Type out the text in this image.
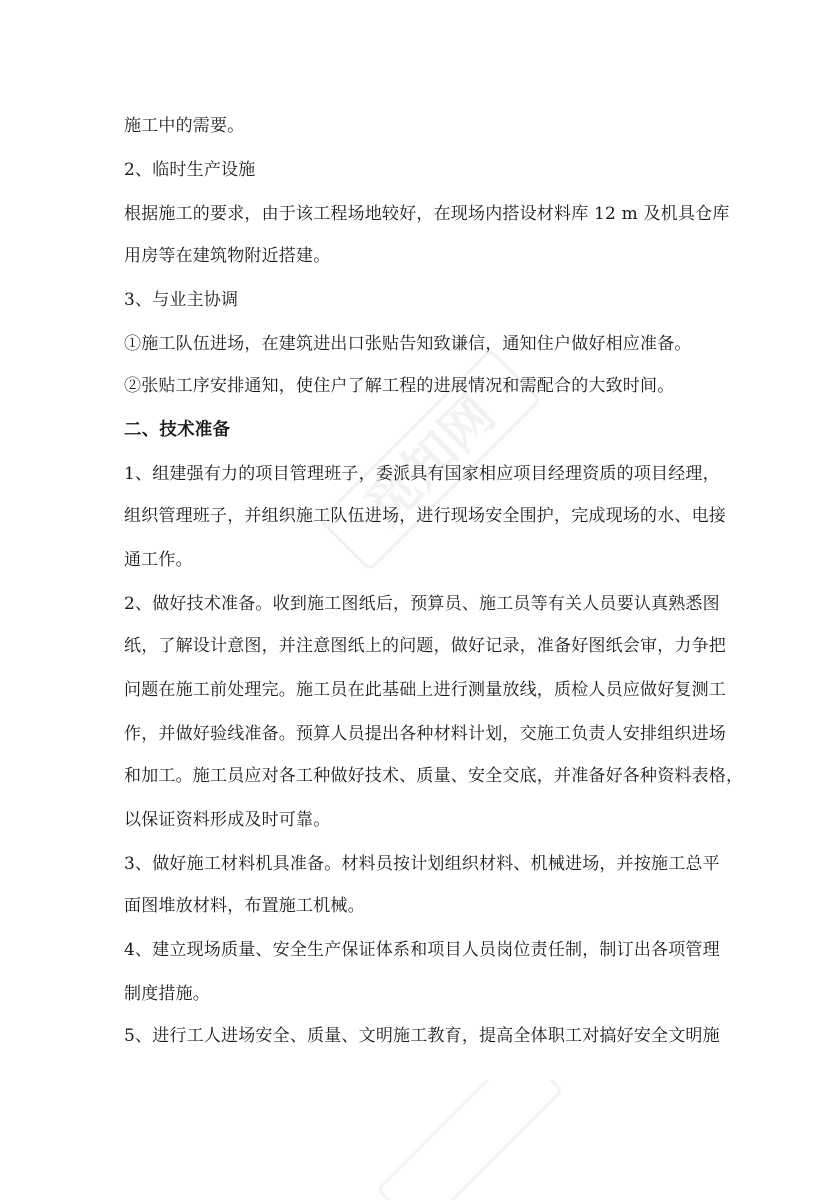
觅知网
施工中的需要。
2、临时生产设施
根据施工的要求，由于该工程场地较好，在现场内搭设材料库 12 m 及机具仓库
用房等在建筑物附近搭建。
3、与业主协调
①施工队伍进场，在建筑进出口张贴告知致谦信，通知住户做好相应准备。
②张贴工序安排通知，使住户了解工程的进展情况和需配合的大致时间。
二、技术准备
1、组建强有力的项目管理班子，委派具有国家相应项目经理资质的项目经理，
组织管理班子，并组织施工队伍进场，进行现场安全围护，完成现场的水、电接
通工作。
2、做好技术准备。收到施工图纸后，预算员、施工员等有关人员要认真熟悉图
纸，了解设计意图，并注意图纸上的问题，做好记录，准备好图纸会审，力争把
问题在施工前处理完。施工员在此基础上进行测量放线，质检人员应做好复测工
作，并做好验线准备。预算人员提出各种材料计划，交施工负责人安排组织进场
和加工。施工员应对各工种做好技术、质量、安全交底，并准备好各种资料表格，
以保证资料形成及时可靠。
3、做好施工材料机具准备。材料员按计划组织材料、机械进场，并按施工总平
面图堆放材料，布置施工机械。
4、建立现场质量、安全生产保证体系和项目人员岗位责任制，制订出各项管理
制度措施。
5、进行工人进场安全、质量、文明施工教育，提高全体职工对搞好安全文明施
